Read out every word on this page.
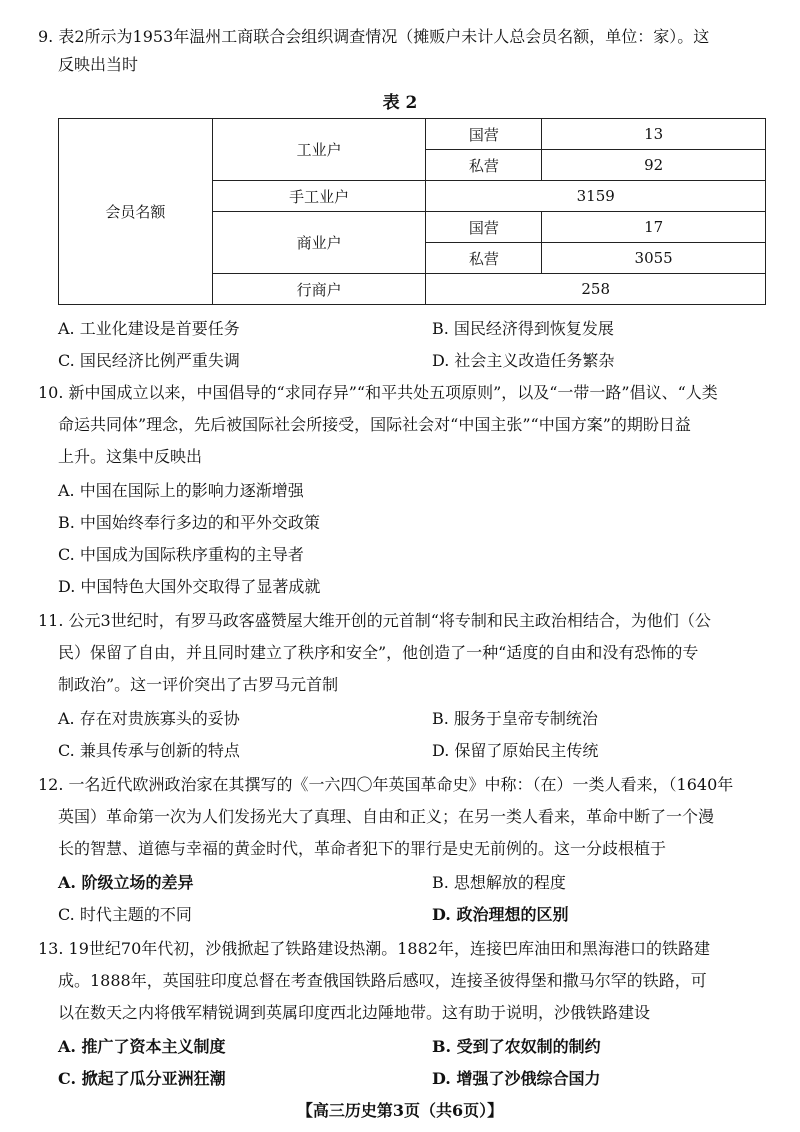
9. 表2所示为1953年温州工商联合会组织调查情况（摊贩户未计人总会员名额，单位：家）。这
反映出当时
表 2
会员名额	工业户	国营	13
		私营	92
	手工业户	3159	
	商业户	国营	17
		私营	3055
	行商户	258	
A. 工业化建设是首要任务	B. 国民经济得到恢复发展
C. 国民经济比例严重失调	D. 社会主义改造任务繁杂
10. 新中国成立以来，中国倡导的“求同存异”“和平共处五项原则”，以及“一带一路”倡议、“人类
命运共同体”理念，先后被国际社会所接受，国际社会对“中国主张”“中国方案”的期盼日益
上升。这集中反映出
A. 中国在国际上的影响力逐渐增强
B. 中国始终奉行多边的和平外交政策
C. 中国成为国际秩序重构的主导者
D. 中国特色大国外交取得了显著成就
11. 公元3世纪时，有罗马政客盛赞屋大维开创的元首制“将专制和民主政治相结合，为他们（公
民）保留了自由，并且同时建立了秩序和安全”，他创造了一种“适度的自由和没有恐怖的专
制政治”。这一评价突出了古罗马元首制
A. 存在对贵族寡头的妥协	B. 服务于皇帝专制统治
C. 兼具传承与创新的特点	D. 保留了原始民主传统
12. 一名近代欧洲政治家在其撰写的《一六四〇年英国革命史》中称：（在）一类人看来，（1640年
英国）革命第一次为人们发扬光大了真理、自由和正义；在另一类人看来，革命中断了一个漫
长的智慧、道德与幸福的黄金时代，革命者犯下的罪行是史无前例的。这一分歧根植于
A. 阶级立场的差异	B. 思想解放的程度
C. 时代主题的不同	D. 政治理想的区别
13. 19世纪70年代初，沙俄掀起了铁路建设热潮。1882年，连接巴库油田和黑海港口的铁路建
成。1888年，英国驻印度总督在考查俄国铁路后感叹，连接圣彼得堡和撒马尔罕的铁路，可
以在数天之内将俄军精锐调到英属印度西北边陲地带。这有助于说明，沙俄铁路建设
A. 推广了资本主义制度	B. 受到了农奴制的制约
C. 掀起了瓜分亚洲狂潮	D. 增强了沙俄综合国力
【高三历史第3页（共6页）】
